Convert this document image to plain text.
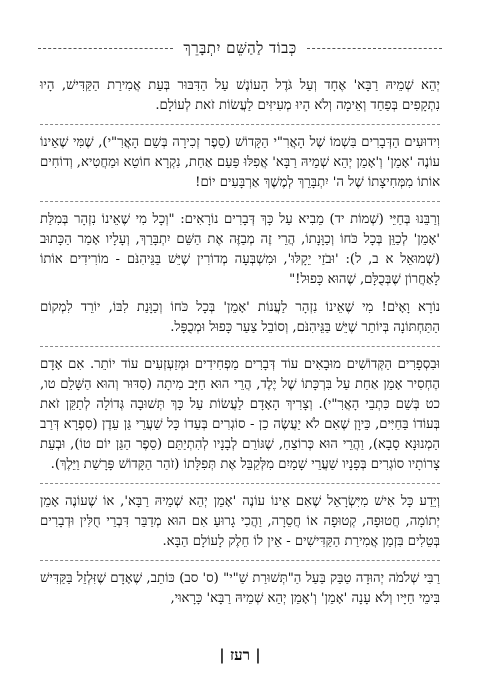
כְּבוֹד לַהַשֵּׁם יִתְבָּרֵךְ

יְהֵא שְׁמֵיהּ רַבָּא' אֶחָד וְעַל גֹּדֶל הָעוֹנֶשׁ עַל הַדִּבּוּר בְּעֵת אֲמִירַת הַקַּדִּישׁ, הָיוּ נִתְקָפִים בְּפַחַד וְאֵימָה וְלֹא הָיוּ מְעִיזִּים לַעֲשׂוֹת זֹאת לְעוֹלָם.

וִידוּעִים הַדְּבָרִים בִּשְׁמוֹ שֶׁל הָאֲרִ"י הַקָּדוֹשׁ (סֵפֶר זְכִירָה בְּשֵׁם הָאֲרִ"י), שֶׁמִּי שֶׁאֵינוֹ עוֹנֶה 'אָמֵן' וְ'אָמֵן יְהֵא שְׁמֵיהּ רַבָּא' אֲפִלּוּ פַּעַם אַחַת, נִקְרָא חוֹטֵא וּמַחֲטִיא, וְדוֹחִים אוֹתוֹ מִמְּחִיצָתוֹ שֶׁל ה' יִתְבָּרֵךְ לְמֶשֶׁךְ אַרְבָּעִים יוֹם!

וְרַבֵּנוּ בְּחַיֵּי (שְׁמוֹת יד) מֵבִיא עַל כָּךְ דְּבָרִים נוֹרָאִים: "וְכָל מִי שֶׁאֵינוֹ נִזְהָר בְּמִלַּת 'אָמֵן' לְכַוֵּן בְּכָל כֹּחוֹ וְכַוָּנָתוֹ, הֲרֵי זֶה מְבַזֶּה אֶת הַשֵּׁם יִתְבָּרַךְ, וְעָלָיו אָמַר הַכָּתוּב (שְׁמוּאֵל א ב, ל): 'וּבֹזַי יֵקָלּוּ', וּמִשְׁבְּעָה מְדוֹרִין שֶׁיֵּשׁ בַּגֵּיהִנֹּם - מוֹרִידִים אוֹתוֹ לָאַחֲרוֹן שֶׁבְּכֻלָּם, שֶׁהוּא כָּפוּל!"

נוֹרָא וָאָיֹם! מִי שֶׁאֵינוֹ נִזְהָר לַעֲנוֹת 'אָמֵן' בְּכָל כֹּחוֹ וְכַוָּנַת לִבּוֹ, יוֹרֵד לִמְקוֹם הַתַּחְתּוֹנָה בְּיוֹתֵר שֶׁיֵּשׁ בַּגֵּיהִנֹּם, וְסוֹבֵל צַעַר כָּפוּל וּמְכֻפָּל.

וּבִסְפָרִים הַקְּדוֹשִׁים מוּבָאִים עוֹד דְּבָרִים מַפְחִידִים וּמְזַעְזְעִים עוֹד יוֹתֵר. אִם אָדָם הֶחְסִיר אָמֵן אַחַת עַל בִּרְכָּתוֹ שֶׁל יֶלֶד, הֲרֵי הוּא חַיָּב מִיתָה (סִדּוּר וְהוּא הַשָּׁלֵם טו, כט בְּשֵׁם כִּתְבֵי הָאֲרִ"י). וְצָרִיךְ הָאָדָם לַעֲשׂוֹת עַל כָּךְ תְּשׁוּבָה גְּדוֹלָה לְתַקֵּן זֹאת בְּעוֹדוֹ בַּחַיִּים, כֵּיוָן שֶׁאִם לֹא יַעֲשֶׂה כֵן - סוֹגְרִים בְּעַדוֹ כָּל שַׁעֲרֵי גַּן עֵדֶן (סִפְרָא דְּרַב הַמְנוּנָא סָבָא), וַהֲרֵי הוּא כְּרוֹצֵחַ, שֶׁגּוֹרֵם לְבָנָיו לְהִתְיַתֵּם (סֵפֶר הַגַּן יוֹם טוֹ), וּבְעֵת צָרוֹתָיו סוֹגְרִים בְּפָנָיו שַׁעֲרֵי שָׁמַיִם מִלְּקַבֵּל אֶת תְּפִלָּתוֹ (זֹהַר הַקָּדוֹשׁ פָּרָשַׁת וַיֵּלֶךְ).

וְיֵדַע כָּל אִישׁ מִיִּשְׂרָאֵל שֶׁאִם אֵינוֹ עוֹנֶה 'אָמֵן יְהֵא שְׁמֵיהּ רַבָּא', אוֹ שֶׁעוֹנֶה אָמֵן יְתוֹמָה, חֲטוּפָה, קְטוּפָה אוֹ חֲסֵרָה, וַהֲכִי גָרוּעַ אִם הוּא מְדַבֵּר דִּבְרֵי חֻלִּין וּדְבָרִים בְּטֵלִים בִּזְמַן אֲמִירַת הַקַּדִּישִׁים - אֵין לוֹ חֵלֶק לָעוֹלָם הַבָּא.

רַבִּי שְׁלֹמֹה יְהוּדָה טַבַּק בַּעַל הַ"תְּשׁוּרַת שַׁ"י" (ס' סב) כּוֹתֵב, שֶׁאָדָם שֶׁזִּלְזֵל בַּקַּדִּישׁ בִּימֵי חַיָּיו וְלֹא עָנָה 'אָמֵן' וְ'אָמֵן יְהֵא שְׁמֵיהּ רַבָּא' כָּרָאוּי,

| רעז |
